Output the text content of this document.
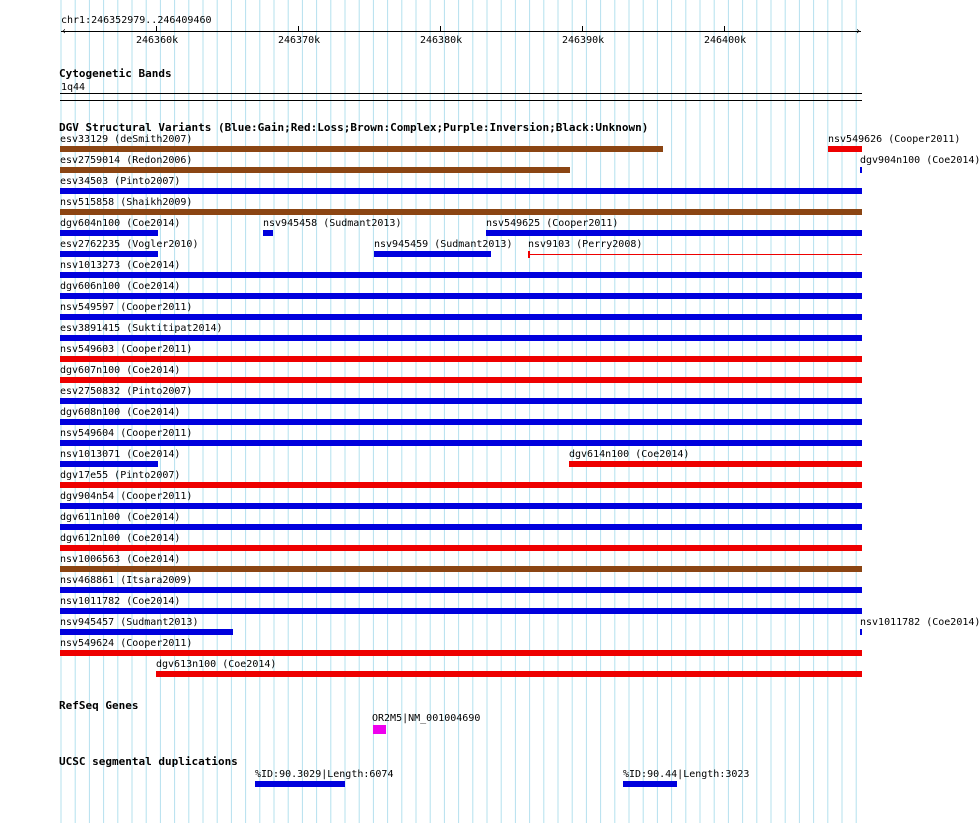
chr1:246352979..246409460
‹	›
246360k	246370k	246380k	246390k	246400k
Cytogenetic Bands
1q44
DGV Structural Variants (Blue:Gain;Red:Loss;Brown:Complex;Purple:Inversion;Black:Unknown)
esv33129 (deSmith2007)	nsv549626 (Cooper2011)
esv2759014 (Redon2006)	dgv904n100 (Coe2014)
esv34503 (Pinto2007)
nsv515858 (Shaikh2009)
dgv604n100 (Coe2014)	nsv945458 (Sudmant2013)	nsv549625 (Cooper2011)
esv2762235 (Vogler2010)	nsv945459 (Sudmant2013) nsv9103 (Perry2008)
nsv1013273 (Coe2014)
dgv606n100 (Coe2014)
nsv549597 (Cooper2011)
esv3891415 (Suktitipat2014)
nsv549603 (Cooper2011)
dgv607n100 (Coe2014)
esv2750832 (Pinto2007)
dgv608n100 (Coe2014)
nsv549604 (Cooper2011)
nsv1013071 (Coe2014)	dgv614n100 (Coe2014)
dgv17e55 (Pinto2007)
dgv904n54 (Cooper2011)
dgv611n100 (Coe2014)
dgv612n100 (Coe2014)
nsv1006563 (Coe2014)
nsv468861 (Itsara2009)
nsv1011782 (Coe2014)
nsv945457 (Sudmant2013)	nsv1011782 (Coe2014)
nsv549624 (Cooper2011)
dgv613n100 (Coe2014)
RefSeq Genes
OR2M5|NM_001004690
UCSC segmental duplications
%ID:90.3029|Length:6074	%ID:90.44|Length:3023
